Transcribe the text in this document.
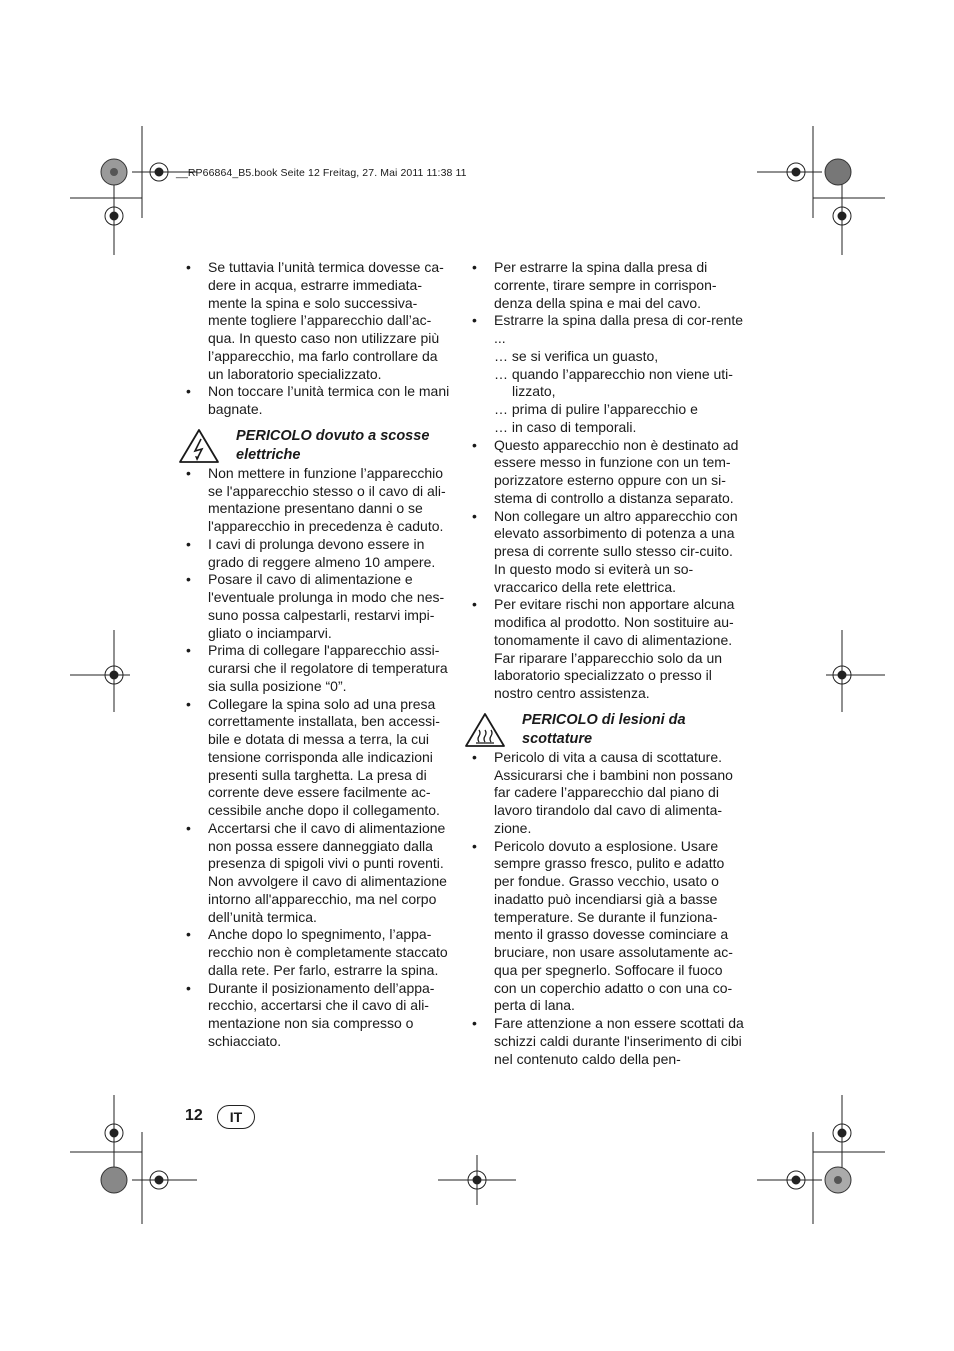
__RP66864_B5.book Seite 12 Freitag, 27. Mai 2011 11:38 11
• Se tuttavia l’unità termica dovesse ca-dere in acqua, estrarre immediata-mente la spina e solo successiva-mente togliere l’apparecchio dall’ac-qua. In questo caso non utilizzare più l’apparecchio, ma farlo controllare da un laboratorio specializzato.
• Non toccare l’unità termica con le mani bagnate.
PERICOLO dovuto a scosse elettriche
• Non mettere in funzione l’apparecchio se l'apparecchio stesso o il cavo di ali-mentazione presentano danni o se l'apparecchio in precedenza è caduto.
• I cavi di prolunga devono essere in grado di reggere almeno 10 ampere.
• Posare il cavo di alimentazione e l'eventuale prolunga in modo che nes-suno possa calpestarli, restarvi impi-gliato o inciamparvi.
• Prima di collegare l'apparecchio assi-curarsi che il regolatore di temperatura sia sulla posizione “0”.
• Collegare la spina solo ad una presa correttamente installata, ben accessi-bile e dotata di messa a terra, la cui tensione corrisponda alle indicazioni presenti sulla targhetta. La presa di corrente deve essere facilmente ac-cessibile anche dopo il collegamento.
• Accertarsi che il cavo di alimentazione non possa essere danneggiato dalla presenza di spigoli vivi o punti roventi. Non avvolgere il cavo di alimentazione intorno all'apparecchio, ma nel corpo dell’unità termica.
• Anche dopo lo spegnimento, l’appa-recchio non è completamente staccato dalla rete. Per farlo, estrarre la spina.
• Durante il posizionamento dell’appa-recchio, accertarsi che il cavo di ali-mentazione non sia compresso o schiacciato.
• Per estrarre la spina dalla presa di corrente, tirare sempre in corrispon-denza della spina e mai del cavo.
• Estrarre la spina dalla presa di cor-rente ...
… se si verifica un guasto,
… quando l’apparecchio non viene uti-lizzato,
… prima di pulire l’apparecchio e
… in caso di temporali.
• Questo apparecchio non è destinato ad essere messo in funzione con un tem-porizzatore esterno oppure con un si-stema di controllo a distanza separato.
• Non collegare un altro apparecchio con elevato assorbimento di potenza a una presa di corrente sullo stesso cir-cuito. In questo modo si eviterà un so-vraccarico della rete elettrica.
• Per evitare rischi non apportare alcuna modifica al prodotto. Non sostituire au-tonomamente il cavo di alimentazione. Far riparare l’apparecchio solo da un laboratorio specializzato o presso il nostro centro assistenza.
PERICOLO di lesioni da scottature
• Pericolo di vita a causa di scottature. Assicurarsi che i bambini non possano far cadere l’apparecchio dal piano di lavoro tirandolo dal cavo di alimenta-zione.
• Pericolo dovuto a esplosione. Usare sempre grasso fresco, pulito e adatto per fondue. Grasso vecchio, usato o inadatto può incendiarsi già a basse temperature. Se durante il funziona-mento il grasso dovesse cominciare a bruciare, non usare assolutamente ac-qua per spegnerlo. Soffocare il fuoco con un coperchio adatto o con una co-perta di lana.
• Fare attenzione a non essere scottati da schizzi caldi durante l'inserimento di cibi nel contenuto caldo della pen-
12	IT
